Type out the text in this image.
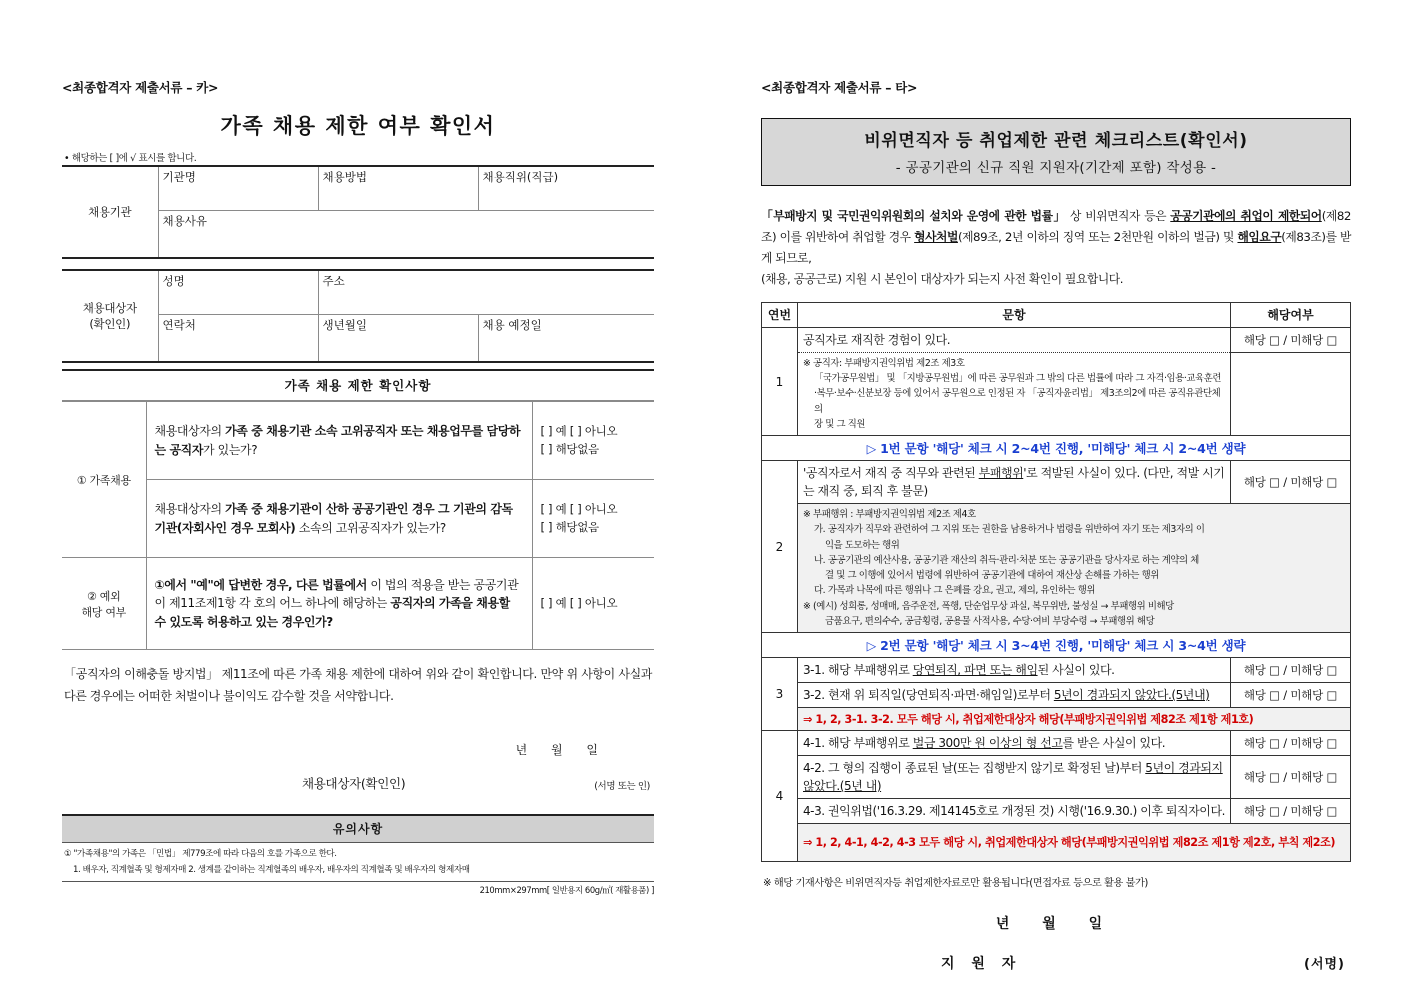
<최종합격자 제출서류 – 카>
가족 채용 제한 여부 확인서
• 해당하는 [ ]에 √ 표시를 합니다.
채용기관	기관명	채용방법	채용직위(직급)
채용사유
채용대상자
(확인인)	성명	주소	
	연락처	생년월일	채용 예정일
가족 채용 제한 확인사항
① 가족채용	채용대상자의 가족 중 채용기관 소속 고위공직자 또는 채용업무를 담당하는 공직자가 있는가?	[ ] 예 [ ] 아니오
[ ] 해당없음

	채용대상자의 가족 중 채용기관이 산하 공공기관인 경우 그 기관의 감독기관(자회사인 경우 모회사) 소속의 고위공직자가 있는가?	[ ] 예 [ ] 아니오
[ ] 해당없음

② 예외
해당 여부	①에서 "예"에 답변한 경우, 다른 법률에서 이 법의 적용을 받는 공공기관이 제11조제1항 각 호의 어느 하나에 해당하는 공직자의 가족을 채용할 수 있도록 허용하고 있는 경우인가?	[ ] 예 [ ] 아니오
「공직자의 이해충돌 방지법」 제11조에 따른 가족 채용 제한에 대하여 위와 같이 확인합니다. 만약 위 사항이 사실과 다른 경우에는 어떠한 처벌이나 불이익도 감수할 것을 서약합니다.
년 월 일
채용대상자(확인인)	(서명 또는 인)
유의사항
① "가족채용"의 가족은 「민법」 제779조에 따라 다음의 호를 가족으로 한다.
1. 배우자, 직계혈족 및 형제자매 2. 생계를 같이하는 직계혈족의 배우자, 배우자의 직계혈족 및 배우자의 형제자매
210mm×297mm[ 일반용지 60g/㎡( 재활용품) ]
<최종합격자 제출서류 – 타>
비위면직자 등 취업제한 관련 체크리스트(확인서)
- 공공기관의 신규 직원 지원자(기간제 포함) 작성용 -
「부패방지 및 국민권익위원회의 설치와 운영에 관한 법률」 상 비위면직자 등은 공공기관에의 취업이 제한되어(제82조) 이를 위반하여 취업할 경우 형사처벌(제89조, 2년 이하의 징역 또는 2천만원 이하의 벌금) 및 해임요구(제83조)를 받게 되므로,
(채용, 공공근로) 지원 시 본인이 대상자가 되는지 사전 확인이 필요합니다.
연번	문항	해당여부
1	공직자로 재직한 경험이 있다.	해당 □ / 미해당 □
	※ 공직자: 부패방지권익위법 제2조 제3호
「국가공무원법」 및 「지방공무원법」에 따른 공무원과 그 밖의 다른 법률에 따라 그 자격·임용·교육훈련
·복무·보수·신분보장 등에 있어서 공무원으로 인정된 자 「공직자윤리법」 제3조의2에 따른 공직유관단체의
장 및 그 직원	

▷ 1번 문항 '해당' 체크 시 2~4번 진행, '미해당' 체크 시 2~4번 생략		
2	'공직자로서 재직 중 직무와 관련된 부패행위'로 적발된 사실이 있다. (다만, 적발 시기는 재직 중, 퇴직 후 불문)	해당 □ / 미해당 □
※ 부패행위 : 부패방지권익위법 제2조 제4호
가. 공직자가 직무와 관련하여 그 지위 또는 권한을 남용하거나 법령을 위반하여 자기 또는 제3자의 이
익을 도모하는 행위
나. 공공기관의 예산사용, 공공기관 재산의 취득·관리·처분 또는 공공기관을 당사자로 하는 계약의 체
결 및 그 이행에 있어서 법령에 위반하여 공공기관에 대하여 재산상 손해를 가하는 행위
다. 가목과 나목에 따른 행위나 그 은폐를 강요, 권고, 제의, 유인하는 행위
※ (예시) 성희롱, 성매매, 음주운전, 폭행, 단순업무상 과실, 복무위반, 불성실 → 부패행위 비해당
금품요구, 편의수수, 공금횡령, 공용물 사적사용, 수당·여비 부당수령 → 부패행위 해당

▷ 2번 문항 '해당' 체크 시 3~4번 진행, '미해당' 체크 시 3~4번 생략		
3	3-1. 해당 부패행위로 당연퇴직, 파면 또는 해임된 사실이 있다.	해당 □ / 미해당 □
	3-2. 현재 위 퇴직일(당연퇴직·파면·해임일)로부터 5년이 경과되지 않았다.(5년내)	해당 □ / 미해당 □
	⇒ 1, 2, 3-1. 3-2. 모두 해당 시, 취업제한대상자 해당(부패방지권익위법 제82조 제1항 제1호)	
4	4-1. 해당 부패행위로 벌금 300만 원 이상의 형 선고를 받은 사실이 있다.	해당 □ / 미해당 □
	4-2. 그 형의 집행이 종료된 날(또는 집행받지 않기로 확정된 날)부터 5년이 경과되지 않았다.(5년 내)	해당 □ / 미해당 □
	4-3. 권익위법('16.3.29. 제14145호로 개정된 것) 시행('16.9.30.) 이후 퇴직자이다.	해당 □ / 미해당 □
	⇒ 1, 2, 4-1, 4-2, 4-3 모두 해당 시, 취업제한대상자 해당(부패방지권익위법 제82조 제1항 제2호, 부칙 제2조)	
※ 해당 기재사항은 비위면직자등 취업제한자료로만 활용됩니다(면접자료 등으로 활용 불가)
년 월 일
지 원 자	(서명)
